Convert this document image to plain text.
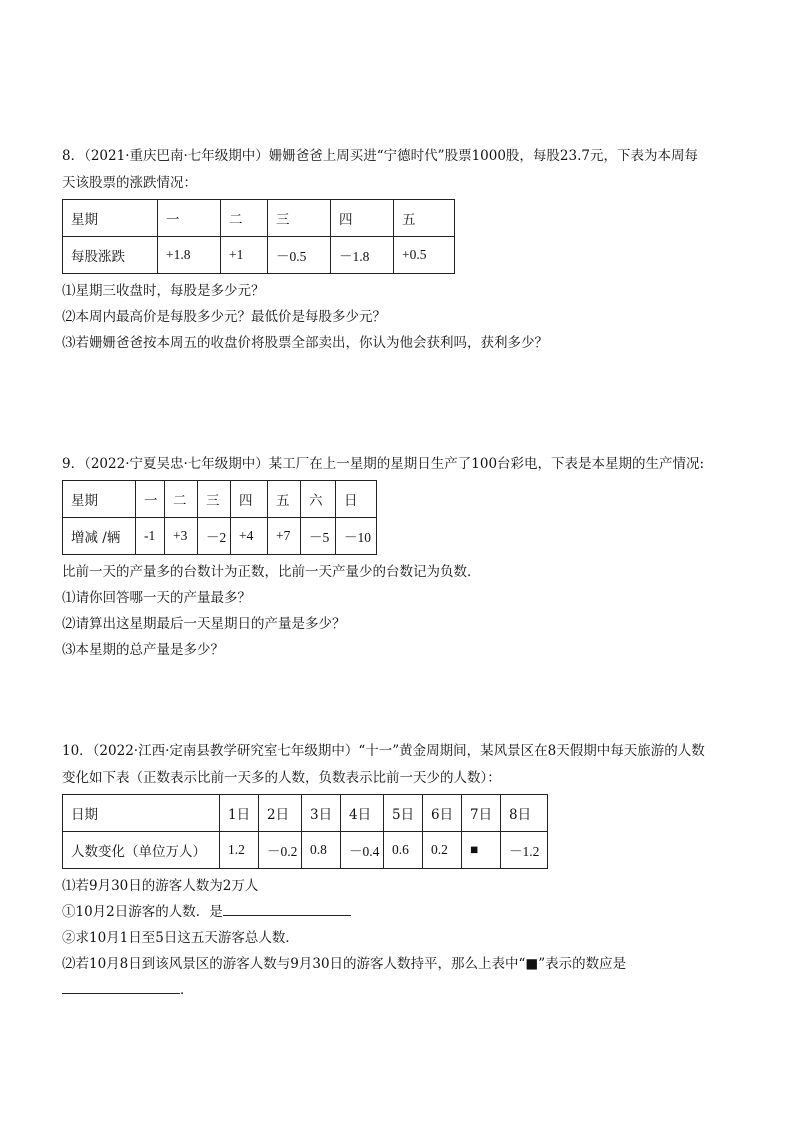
8．（2021·重庆巴南·七年级期中）姗姗爸爸上周买进“宁德时代”股票1000股，每股23.7元，下表为本周每
天该股票的涨跌情况：
星期	一	二	三	四	五
每股涨跌	+1.8	+1	－0.5	－1.8	+0.5
⑴星期三收盘时，每股是多少元？
⑵本周内最高价是每股多少元？最低价是每股多少元？
⑶若姗姗爸爸按本周五的收盘价将股票全部卖出，你认为他会获利吗，获利多少？
9．（2022·宁夏吴忠·七年级期中）某工厂在上一星期的星期日生产了100台彩电，下表是本星期的生产情况:
星期	一	二	三	四	五	六	日
增减 /辆	-1	+3	－2	+4	+7	－5	－10
比前一天的产量多的台数计为正数，比前一天产量少的台数记为负数．
⑴请你回答哪一天的产量最多？
⑵请算出这星期最后一天星期日的产量是多少？
⑶本星期的总产量是多少？
10．（2022·江西·定南县教学研究室七年级期中）“十一”黄金周期间，某风景区在8天假期中每天旅游的人数
变化如下表（正数表示比前一天多的人数，负数表示比前一天少的人数）：
日期	1日	2日	3日	4日	5日	6日	7日	8日
人数变化（单位万人）	1.2	－0.2	0.8	－0.4	0.6	0.2	■	－1.2
⑴若9月30日的游客人数为2万人
①10月2日游客的人数．是
②求10月1日至5日这五天游客总人数．
⑵若10月8日到该风景区的游客人数与9月30日的游客人数持平，那么上表中“■”表示的数应是
．
